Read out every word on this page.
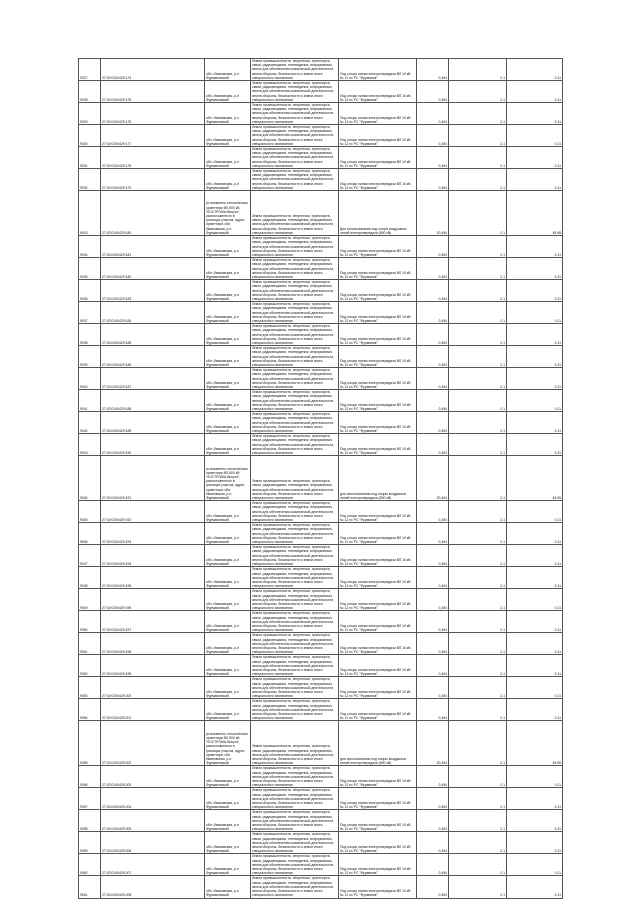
9027	27:02:0100429:174	обл. Ивановская, р-н Фурмановский	Земли промышленности, энергетики, транспорта, связи, радиовещания, телевидения, информатики, земли для обеспечения космической деятельности, земли обороны, безопасности и земли иного специального назначения	Под опоры линии электропередачи ВЛ 10 кВ № 12 пс РС "Фурманов"	0,454	2,1	0,11
9028	27:02:0100429:175	обл. Ивановская, р-н Фурмановский	Земли промышленности, энергетики, транспорта, связи, радиовещания, телевидения, информатики, земли для обеспечения космической деятельности, земли обороны, безопасности и земли иного специального назначения	Под опоры линии электропередачи ВЛ 10 кВ № 12 пс РС "Фурманов"	0,454	2,1	0,11
9029	27:02:0100429:176	обл. Ивановская, р-н Фурмановский	Земли промышленности, энергетики, транспорта, связи, радиовещания, телевидения, информатики, земли для обеспечения космической деятельности, земли обороны, безопасности и земли иного специального назначения	Под опоры линии электропередачи ВЛ 10 кВ № 12 пс РС "Фурманов"	0,454	2,1	0,11
9030	27:02:0100429:177	обл. Ивановская, р-н Фурмановский	Земли промышленности, энергетики, транспорта, связи, радиовещания, телевидения, информатики, земли для обеспечения космической деятельности, земли обороны, безопасности и земли иного специального назначения	Под опоры линии электропередачи ВЛ 10 кВ № 12 пс РС "Фурманов"	0,454	2,1	0,11
9031	27:02:0100429:178	обл. Ивановская, р-н Фурмановский	Земли промышленности, энергетики, транспорта, связи, радиовещания, телевидения, информатики, земли для обеспечения космической деятельности, земли обороны, безопасности и земли иного специального назначения	Под опоры линии электропередачи ВЛ 10 кВ № 12 пс РС "Фурманов"	0,454	2,1	0,11
9032	27:02:0100429:179	обл. Ивановская, р-н Фурмановский	Земли промышленности, энергетики, транспорта, связи, радиовещания, телевидения, информатики, земли для обеспечения космической деятельности, земли обороны, безопасности и земли иного специального назначения	Под опоры линии электропередачи ВЛ 10 кВ № 12 пс РС "Фурманов"	0,454	2,1	0,11
9033	27:02:0100429:180	установлено относительно ориентира ВЛ-500 кВ "КОСТРОМА-Вичуга", расположенного в границах участка, адрес ориентира: обл. Ивановская, р-н Фурмановский	Земли промышленности, энергетики, транспорта, связи, радиовещания, телевидения, информатики, земли для обеспечения космической деятельности, земли обороны, безопасности и земли иного специального назначения	Для использования под опоры воздушных линий электропередачи (500 кВ)	20,454	2,1	45,98
9034	27:02:0100429:181	обл. Ивановская, р-н Фурмановский	Земли промышленности, энергетики, транспорта, связи, радиовещания, телевидения, информатики, земли для обеспечения космической деятельности, земли обороны, безопасности и земли иного специального назначения	Под опоры линии электропередачи ВЛ 10 кВ № 12 пс РС "Фурманов"	0,454	2,1	0,11
9035	27:02:0100429:182	обл. Ивановская, р-н Фурмановский	Земли промышленности, энергетики, транспорта, связи, радиовещания, телевидения, информатики, земли для обеспечения космической деятельности, земли обороны, безопасности и земли иного специального назначения	Под опоры линии электропередачи ВЛ 10 кВ № 12 пс РС "Фурманов"	0,454	2,1	0,11
9036	27:02:0100429:183	обл. Ивановская, р-н Фурмановский	Земли промышленности, энергетики, транспорта, связи, радиовещания, телевидения, информатики, земли для обеспечения космической деятельности, земли обороны, безопасности и земли иного специального назначения	Под опоры линии электропередачи ВЛ 10 кВ № 12 пс РС "Фурманов"	0,454	2,1	0,11
9037	27:02:0100429:184	обл. Ивановская, р-н Фурмановский	Земли промышленности, энергетики, транспорта, связи, радиовещания, телевидения, информатики, земли для обеспечения космической деятельности, земли обороны, безопасности и земли иного специального назначения	Под опоры линии электропередачи ВЛ 10 кВ № 12 пс РС "Фурманов"	0,454	2,1	0,11
9038	27:02:0100429:185	обл. Ивановская, р-н Фурмановский	Земли промышленности, энергетики, транспорта, связи, радиовещания, телевидения, информатики, земли для обеспечения космической деятельности, земли обороны, безопасности и земли иного специального назначения	Под опоры линии электропередачи ВЛ 10 кВ № 12 пс РС "Фурманов"	0,454	2,1	0,11
9039	27:02:0100429:186	обл. Ивановская, р-н Фурмановский	Земли промышленности, энергетики, транспорта, связи, радиовещания, телевидения, информатики, земли для обеспечения космической деятельности, земли обороны, безопасности и земли иного специального назначения	Под опоры линии электропередачи ВЛ 10 кВ № 12 пс РС "Фурманов"	0,454	2,1	0,11
9040	27:02:0100429:187	обл. Ивановская, р-н Фурмановский	Земли промышленности, энергетики, транспорта, связи, радиовещания, телевидения, информатики, земли для обеспечения космической деятельности, земли обороны, безопасности и земли иного специального назначения	Под опоры линии электропередачи ВЛ 10 кВ № 12 пс РС "Фурманов"	0,454	2,1	0,11
9041	27:02:0100429:188	обл. Ивановская, р-н Фурмановский	Земли промышленности, энергетики, транспорта, связи, радиовещания, телевидения, информатики, земли для обеспечения космической деятельности, земли обороны, безопасности и земли иного специального назначения	Под опоры линии электропередачи ВЛ 10 кВ № 12 пс РС "Фурманов"	0,454	2,1	0,11
9042	27:02:0100429:189	обл. Ивановская, р-н Фурмановский	Земли промышленности, энергетики, транспорта, связи, радиовещания, телевидения, информатики, земли для обеспечения космической деятельности, земли обороны, безопасности и земли иного специального назначения	Под опоры линии электропередачи ВЛ 10 кВ № 12 пс РС "Фурманов"	0,454	2,1	0,11
9043	27:02:0100429:190	обл. Ивановская, р-н Фурмановский	Земли промышленности, энергетики, транспорта, связи, радиовещания, телевидения, информатики, земли для обеспечения космической деятельности, земли обороны, безопасности и земли иного специального назначения	Под опоры линии электропередачи ВЛ 10 кВ № 12 пс РС "Фурманов"	0,454	2,1	0,11
9044	27:02:0100429:191	установлено относительно ориентира ВЛ-500 кВ "КОСТРОМА-Вичуга", расположенного в границах участка, адрес ориентира: обл. Ивановская, р-н Фурмановский	Земли промышленности, энергетики, транспорта, связи, радиовещания, телевидения, информатики, земли для обеспечения космической деятельности, земли обороны, безопасности и земли иного специального назначения	для использования под опоры воздушных линий электропередачи (500 кВ)	20,454	2,1	45,98
9045	27:02:0100429:192	обл. Ивановская, р-н Фурмановский	Земли промышленности, энергетики, транспорта, связи, радиовещания, телевидения, информатики, земли для обеспечения космической деятельности, земли обороны, безопасности и земли иного специального назначения	Под опоры линии электропередачи ВЛ 10 кВ № 12 пс РС "Фурманов"	0,454	2,1	0,11
9046	27:02:0100429:193	обл. Ивановская, р-н Фурмановский	Земли промышленности, энергетики, транспорта, связи, радиовещания, телевидения, информатики, земли для обеспечения космической деятельности, земли обороны, безопасности и земли иного специального назначения	Под опоры линии электропередачи ВЛ 10 кВ № 12 пс РС "Фурманов"	0,454	2,1	0,11
9047	27:02:0100429:194	обл. Ивановская, р-н Фурмановский	Земли промышленности, энергетики, транспорта, связи, радиовещания, телевидения, информатики, земли для обеспечения космической деятельности, земли обороны, безопасности и земли иного специального назначения	Под опоры линии электропередачи ВЛ 10 кВ № 12 пс РС "Фурманов"	0,454	2,1	0,11
9048	27:02:0100429:195	обл. Ивановская, р-н Фурмановский	Земли промышленности, энергетики, транспорта, связи, радиовещания, телевидения, информатики, земли для обеспечения космической деятельности, земли обороны, безопасности и земли иного специального назначения	Под опоры линии электропередачи ВЛ 10 кВ № 12 пс РС "Фурманов"	0,454	2,1	0,11
9049	27:02:0100429:196	обл. Ивановская, р-н Фурмановский	Земли промышленности, энергетики, транспорта, связи, радиовещания, телевидения, информатики, земли для обеспечения космической деятельности, земли обороны, безопасности и земли иного специального назначения	Под опоры линии электропередачи ВЛ 10 кВ № 12 пс РС "Фурманов"	0,454	2,1	0,11
9050	27:02:0100429:197	обл. Ивановская, р-н Фурмановский	Земли промышленности, энергетики, транспорта, связи, радиовещания, телевидения, информатики, земли для обеспечения космической деятельности, земли обороны, безопасности и земли иного специального назначения	Под опоры линии электропередачи ВЛ 10 кВ № 12 пс РС "Фурманов"	0,454	2,1	0,11
9051	27:02:0100429:198	обл. Ивановская, р-н Фурмановский	Земли промышленности, энергетики, транспорта, связи, радиовещания, телевидения, информатики, земли для обеспечения космической деятельности, земли обороны, безопасности и земли иного специального назначения	Под опоры линии электропередачи ВЛ 10 кВ № 12 пс РС "Фурманов"	0,454	2,1	0,11
9052	27:02:0100429:199	обл. Ивановская, р-н Фурмановский	Земли промышленности, энергетики, транспорта, связи, радиовещания, телевидения, информатики, земли для обеспечения космической деятельности, земли обороны, безопасности и земли иного специального назначения	Под опоры линии электропередачи ВЛ 10 кВ № 12 пс РС "Фурманов"	0,454	2,1	0,11
9053	27:02:0100429:200	обл. Ивановская, р-н Фурмановский	Земли промышленности, энергетики, транспорта, связи, радиовещания, телевидения, информатики, земли для обеспечения космической деятельности, земли обороны, безопасности и земли иного специального назначения	Под опоры линии электропередачи ВЛ 10 кВ № 12 пс РС "Фурманов"	0,454	2,1	0,11
9054	27:02:0100429:201	обл. Ивановская, р-н Фурмановский	Земли промышленности, энергетики, транспорта, связи, радиовещания, телевидения, информатики, земли для обеспечения космической деятельности, земли обороны, безопасности и земли иного специального назначения	Под опоры линии электропередачи ВЛ 10 кВ № 12 пс РС "Фурманов"	0,454	2,1	0,11
9055	27:02:0100429:202	установлено относительно ориентира ВЛ-500 кВ "КОСТРОМА-Вичуга", расположенного в границах участка, адрес ориентира: обл. Ивановская, р-н Фурмановский	Земли промышленности, энергетики, транспорта, связи, радиовещания, телевидения, информатики, земли для обеспечения космической деятельности, земли обороны, безопасности и земли иного специального назначения	для использования под опоры воздушных линий электропередачи (500 кВ)	20,454	2,1	45,98
9056	27:02:0100429:203	обл. Ивановская, р-н Фурмановский	Земли промышленности, энергетики, транспорта, связи, радиовещания, телевидения, информатики, земли для обеспечения космической деятельности, земли обороны, безопасности и земли иного специального назначения	Под опоры линии электропередачи ВЛ 10 кВ № 12 пс РС "Фурманов"	0,454	2,1	0,11
9057	27:02:0100429:204	обл. Ивановская, р-н Фурмановский	Земли промышленности, энергетики, транспорта, связи, радиовещания, телевидения, информатики, земли для обеспечения космической деятельности, земли обороны, безопасности и земли иного специального назначения	Под опоры линии электропередачи ВЛ 10 кВ № 12 пс РС "Фурманов"	0,454	2,1	0,11
9058	27:02:0100429:205	обл. Ивановская, р-н Фурмановский	Земли промышленности, энергетики, транспорта, связи, радиовещания, телевидения, информатики, земли для обеспечения космической деятельности, земли обороны, безопасности и земли иного специального назначения	Под опоры линии электропередачи ВЛ 10 кВ № 12 пс РС "Фурманов"	0,454	2,1	0,11
9059	27:02:0100429:206	обл. Ивановская, р-н Фурмановский	Земли промышленности, энергетики, транспорта, связи, радиовещания, телевидения, информатики, земли для обеспечения космической деятельности, земли обороны, безопасности и земли иного специального назначения	Под опоры линии электропередачи ВЛ 10 кВ № 12 пс РС "Фурманов"	0,454	2,1	0,11
9060	27:02:0100429:207	обл. Ивановская, р-н Фурмановский	Земли промышленности, энергетики, транспорта, связи, радиовещания, телевидения, информатики, земли для обеспечения космической деятельности, земли обороны, безопасности и земли иного специального назначения	Под опоры линии электропередачи ВЛ 10 кВ № 12 пс РС "Фурманов"	0,454	2,1	0,11
9061	27:02:0100429:208	обл. Ивановская, р-н Фурмановский	Земли промышленности, энергетики, транспорта, связи, радиовещания, телевидения, информатики, земли для обеспечения космической деятельности, земли обороны, безопасности и земли иного специального назначения	Под опоры линии электропередачи ВЛ 10 кВ № 12 пс РС "Фурманов"	0,454	2,1	0,11
